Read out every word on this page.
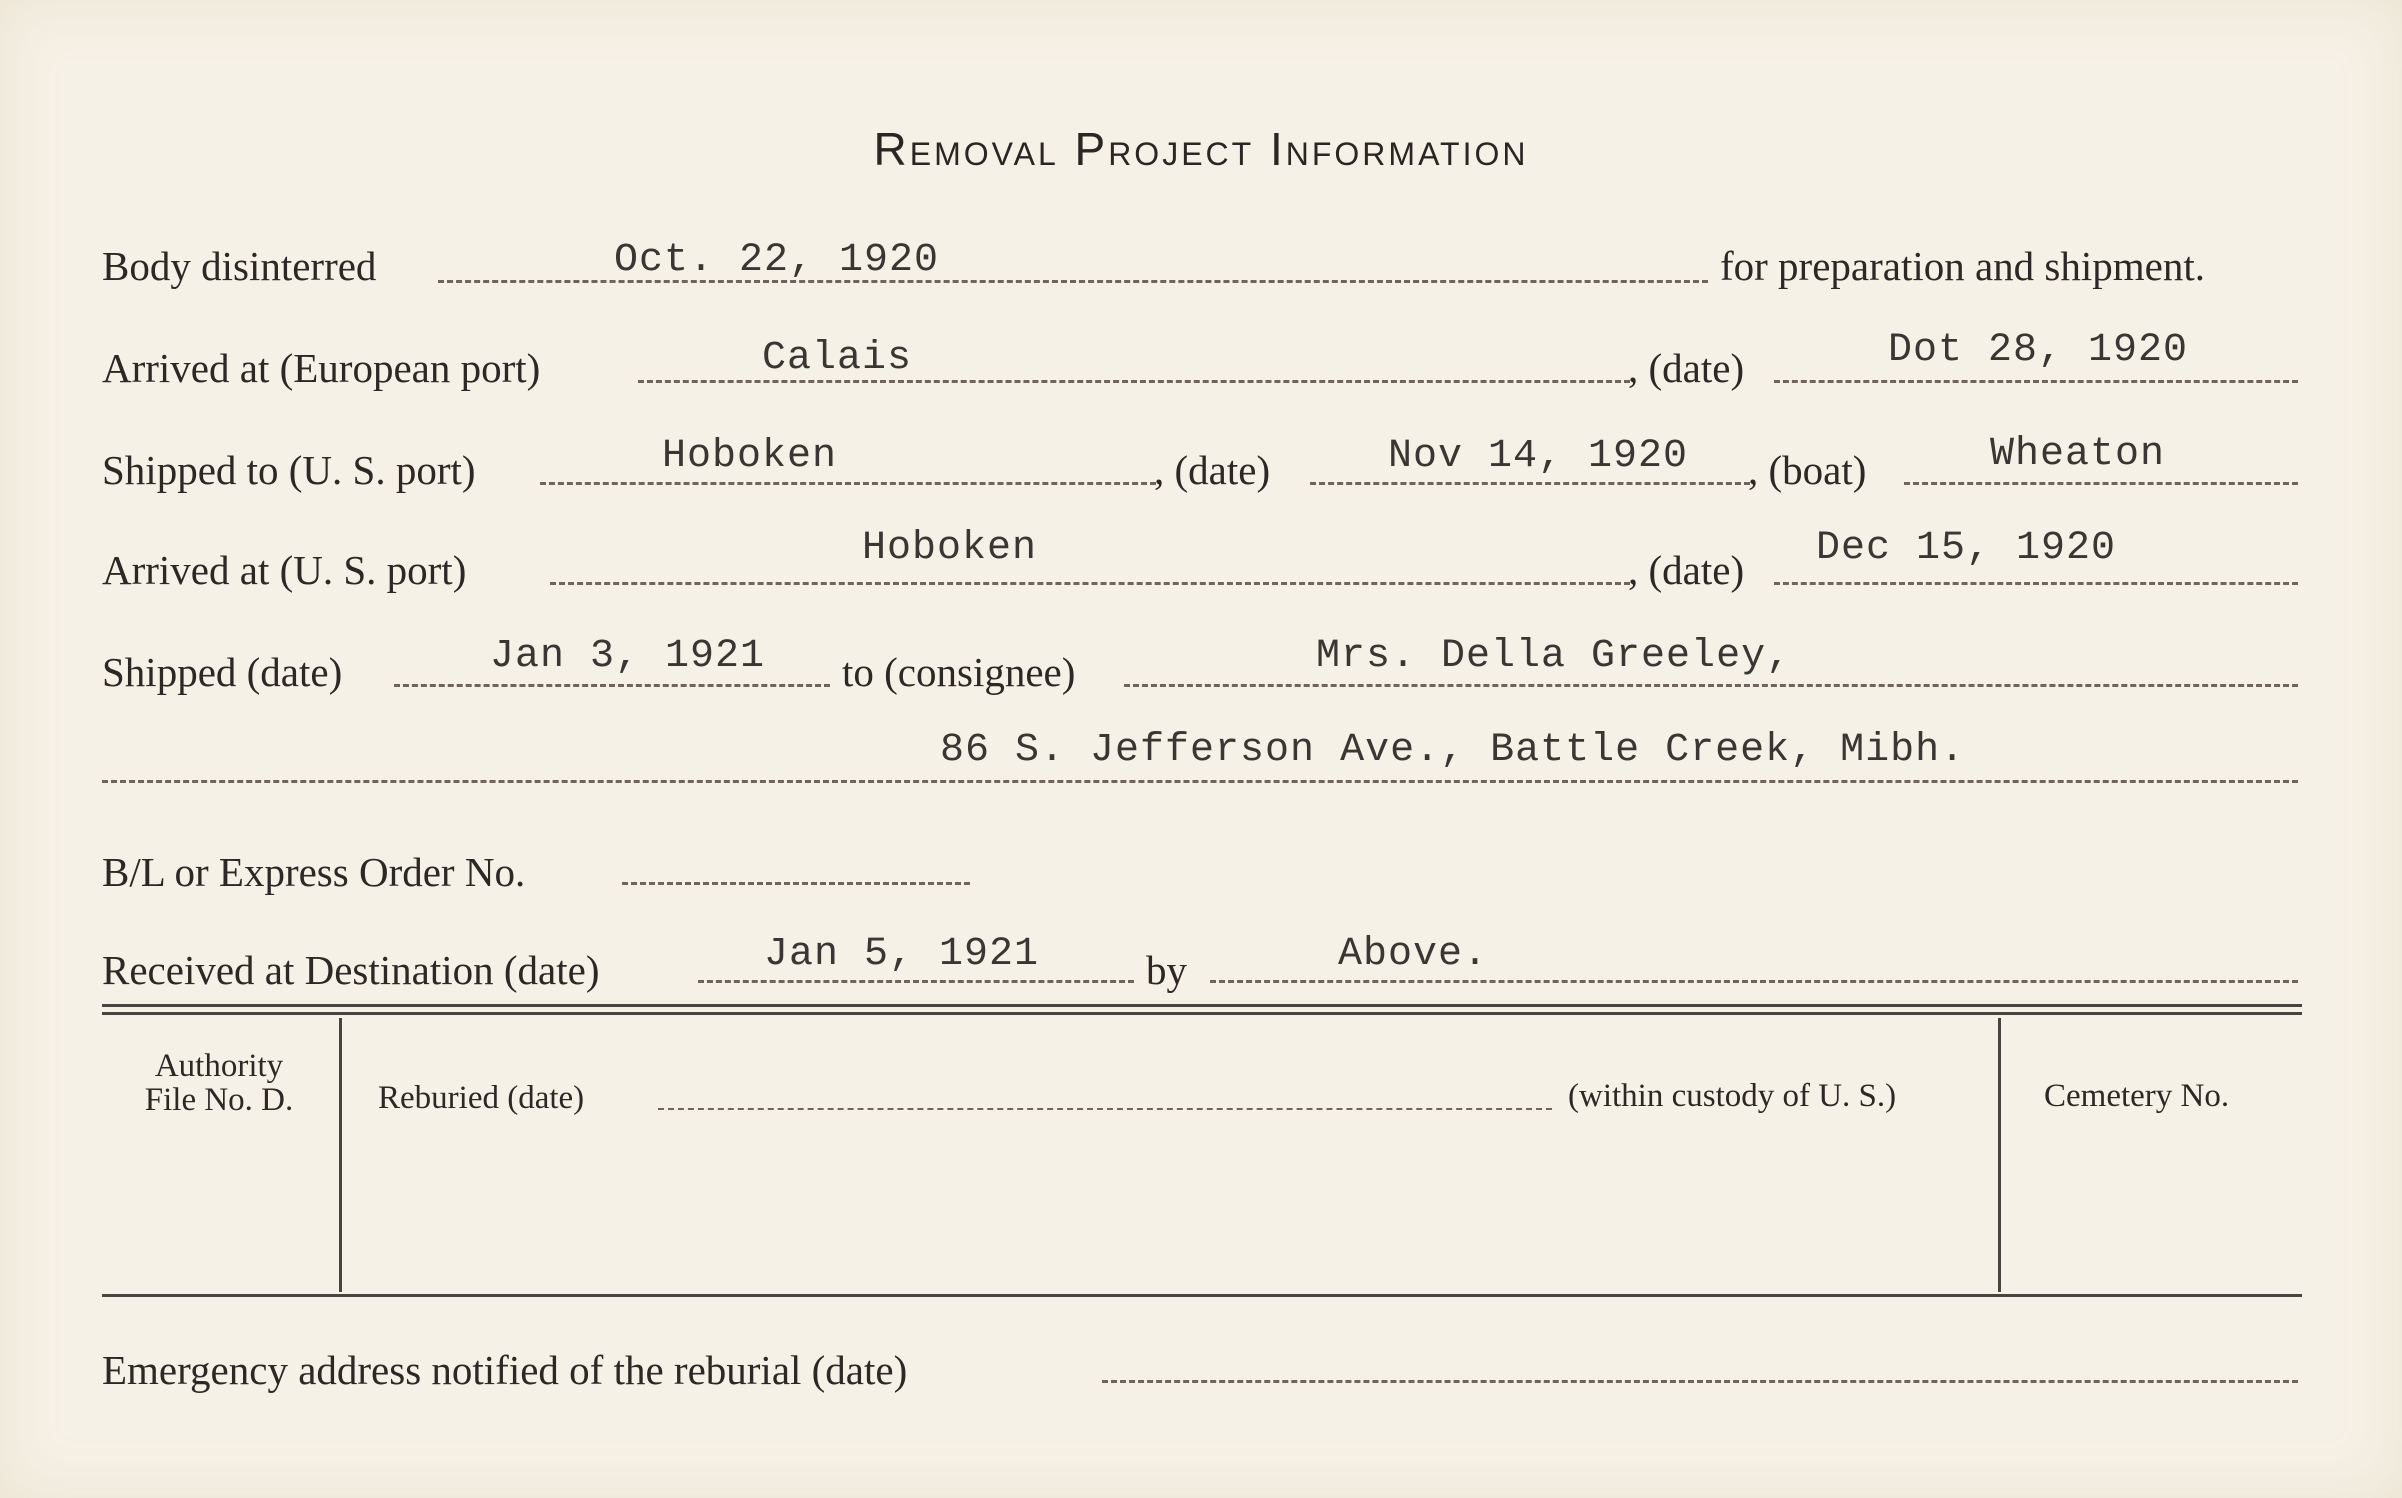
Removal Project Information
Body disinterred	Oct. 22, 1920	for preparation and shipment.
Arrived at (European port)	Calais	, (date)	Dot 28, 1920
Shipped to (U. S. port)	Hoboken	, (date)	Nov 14, 1920 , (boat)	Wheaton
Arrived at (U. S. port)	Hoboken	, (date) Dec 15, 1920
Shipped (date)	Jan 3, 1921 to (consignee)	Mrs. Della Greeley,
86 S. Jefferson Ave., Battle Creek, Mibh.
B/L or Express Order No.
Received at Destination (date)	Jan 5, 1921	by	Above.
Authority
File No. D.	Reburied (date)	(within custody of U. S.)	Cemetery No.
Emergency address notified of the reburial (date)
